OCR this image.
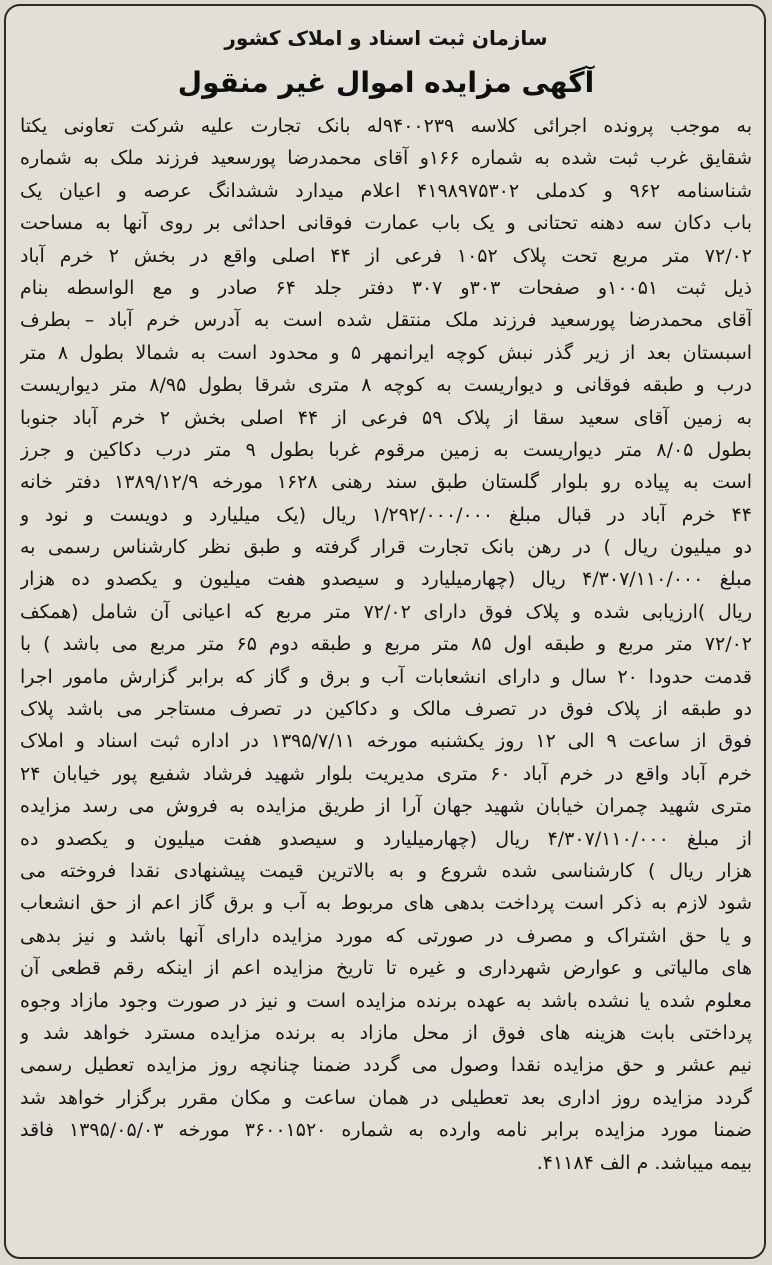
سازمان ثبت اسناد و املاک کشور
آگهی مزایده اموال غیر منقول
به موجب پرونده اجرائی کلاسه ۹۴۰۰۲۳۹له بانک تجارت علیه شرکت تعاونی یکتا
شقایق غرب ثبت شده به شماره ۱۶۶و آقای محمدرضا پورسعید فرزند ملک به شماره
شناسنامه ۹۶۲ و کدملی ۴۱۹۸۹۷۵۳۰۲ اعلام میدارد ششدانگ عرصه و اعیان یک
باب دکان سه دهنه تحتانی و یک باب عمارت فوقانی احداثی بر روی آنها به مساحت
۷۲/۰۲ متر مربع تحت پلاک ۱۰۵۲ فرعی از ۴۴ اصلی واقع در بخش ۲ خرم آباد
ذیل ثبت ۱۰۰۵۱و صفحات ۳۰۳و ۳۰۷ دفتر جلد ۶۴ صادر و مع الواسطه بنام
آقای محمدرضا پورسعید فرزند ملک منتقل شده است به آدرس خرم آباد – بطرف
اسبستان بعد از زیر گذر نبش کوچه ایرانمهر ۵ و محدود است به شمالا بطول ۸ متر
درب و طبقه فوقانی و دیواریست به کوچه ۸ متری شرقا بطول ۸/۹۵ متر دیواریست
به زمین آقای سعید سقا از پلاک ۵۹ فرعی از ۴۴ اصلی بخش ۲ خرم آباد جنوبا
بطول ۸/۰۵ متر دیواریست به زمین مرقوم غربا بطول ۹ متر درب دکاکین و جرز
است به پیاده رو بلوار گلستان طبق سند رهنی ۱۶۲۸ مورخه ۱۳۸۹/۱۲/۹ دفتر خانه
۴۴ خرم آباد در قبال مبلغ ۱/۲۹۲/۰۰۰/۰۰۰ ریال (یک میلیارد و دویست و نود و
دو میلیون ریال ) در رهن بانک تجارت قرار گرفته و طبق نظر کارشناس رسمی به
مبلغ ۴/۳۰۷/۱۱۰/۰۰۰ ریال (چهارمیلیارد و سیصدو هفت میلیون و یکصدو ده هزار
ریال )ارزیابی شده و پلاک فوق دارای ۷۲/۰۲ متر مربع که اعیانی آن شامل (همکف
۷۲/۰۲ متر مربع و طبقه اول ۸۵ متر مربع و طبقه دوم ۶۵ متر مربع می باشد ) با
قدمت حدودا ۲۰ سال و دارای انشعابات آب و برق و گاز که برابر گزارش مامور اجرا
دو طبقه از پلاک فوق در تصرف مالک و دکاکین در تصرف مستاجر می باشد پلاک
فوق از ساعت ۹ الی ۱۲ روز یکشنبه مورخه ۱۳۹۵/۷/۱۱ در اداره ثبت اسناد و املاک
خرم آباد واقع در خرم آباد ۶۰ متری مدیریت بلوار شهید فرشاد شفیع پور خیابان ۲۴
متری شهید چمران خیابان شهید جهان آرا از طریق مزایده به فروش می رسد مزایده
از مبلغ ۴/۳۰۷/۱۱۰/۰۰۰ ریال (چهارمیلیارد و سیصدو هفت میلیون و یکصدو ده
هزار ریال ) کارشناسی شده شروع و به بالاترین قیمت پیشنهادی نقدا فروخته می
شود لازم به ذکر است پرداخت بدهی های مربوط به آب و برق گاز اعم از حق انشعاب
و یا حق اشتراک و مصرف در صورتی که مورد مزایده دارای آنها باشد و نیز بدهی
های مالیاتی و عوارض شهرداری و غیره تا تاریخ مزایده اعم از اینکه رقم قطعی آن
معلوم شده یا نشده باشد به عهده برنده مزایده است و نیز در صورت وجود مازاد وجوه
پرداختی بابت هزینه های فوق از محل مازاد به برنده مزایده مسترد خواهد شد و
نیم عشر و حق مزایده نقدا وصول می گردد ضمنا چنانچه روز مزایده تعطیل رسمی
گردد مزایده روز اداری بعد تعطیلی در همان ساعت و مکان مقرر برگزار خواهد شد
ضمنا مورد مزایده برابر نامه وارده به شماره ۳۶۰۰۱۵۲۰ مورخه ۱۳۹۵/۰۵/۰۳ فاقد
بیمه میباشد. م الف ۴۱۱۸۴.
